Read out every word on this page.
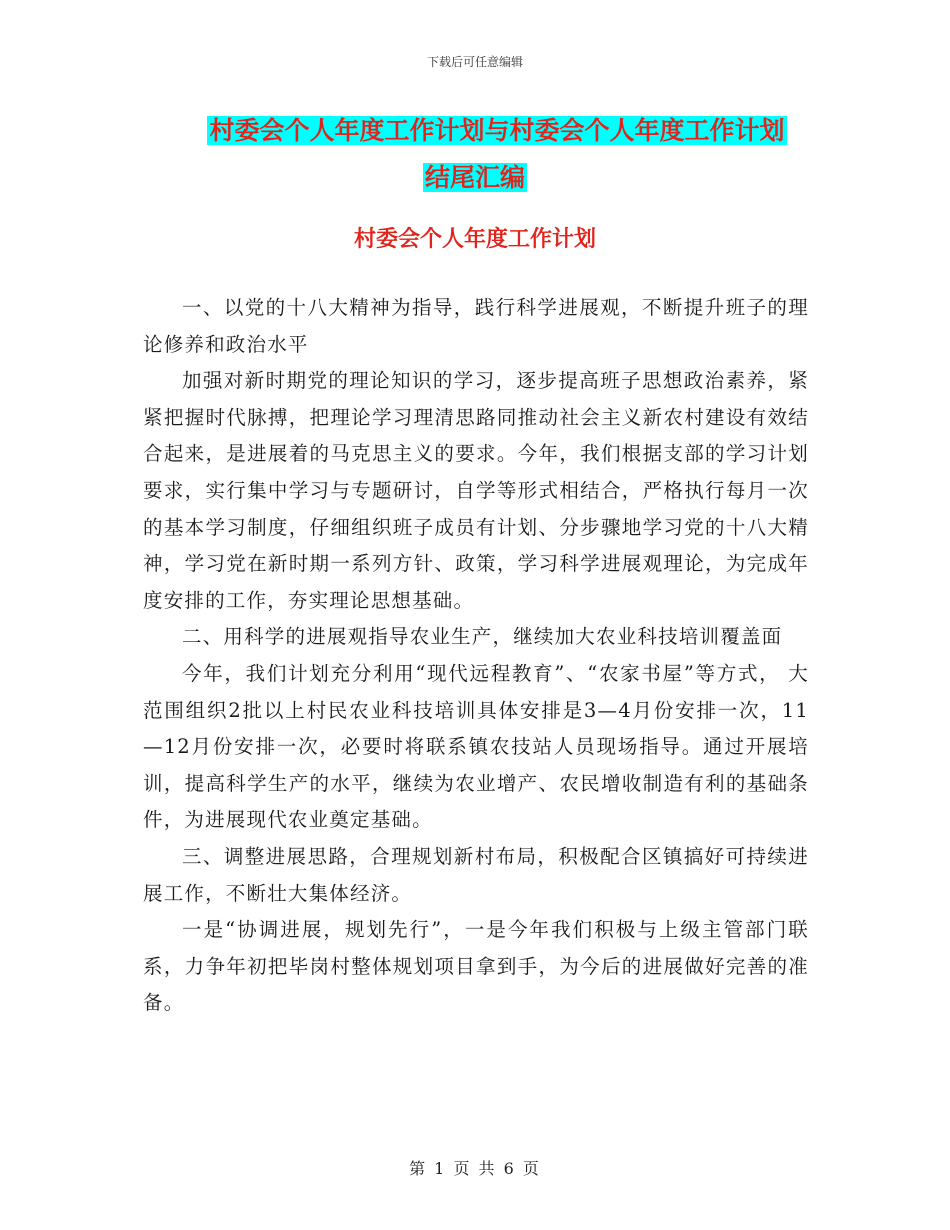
下载后可任意编辑
村委会个人年度工作计划与村委会个人年度工作计划
结尾汇编
村委会个人年度工作计划

一、以党的十八大精神为指导，践行科学进展观，不断提升班子的理论修养和政治水平

加强对新时期党的理论知识的学习，逐步提高班子思想政治素养，紧紧把握时代脉搏，把理论学习理清思路同推动社会主义新农村建设有效结合起来，是进展着的马克思主义的要求。今年，我们根据支部的学习计划要求，实行集中学习与专题研讨，自学等形式相结合，严格执行每月一次的基本学习制度，仔细组织班子成员有计划、分步骤地学习党的十八大精神，学习党在新时期一系列方针、政策，学习科学进展观理论，为完成年度安排的工作，夯实理论思想基础。

二、用科学的进展观指导农业生产，继续加大农业科技培训覆盖面

今年，我们计划充分利用“现代远程教育”、“农家书屋”等方式， 大范围组织2批以上村民农业科技培训具体安排是3—4月份安排一次，11—12月份安排一次，必要时将联系镇农技站人员现场指导。通过开展培训，提高科学生产的水平，继续为农业增产、农民增收制造有利的基础条件，为进展现代农业奠定基础。

三、调整进展思路，合理规划新村布局，积极配合区镇搞好可持续进展工作，不断壮大集体经济。

一是“协调进展，规划先行”，一是今年我们积极与上级主管部门联系，力争年初把毕岗村整体规划项目拿到手，为今后的进展做好完善的准备。

第 1 页 共 6 页
